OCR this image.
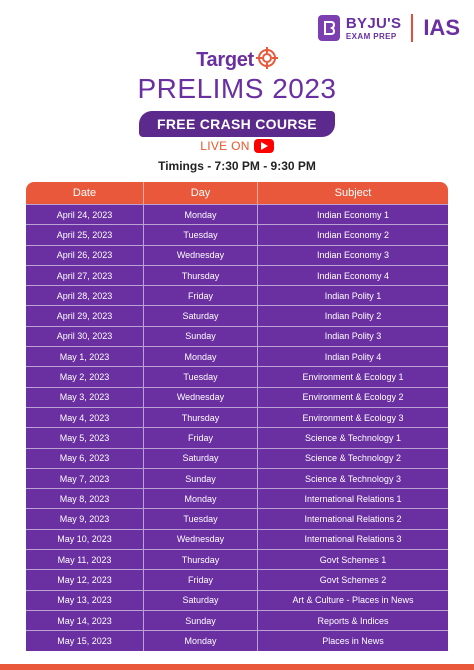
BYJU'S
EXAM PREP IAS
Target
PRELIMS 2023
FREE CRASH COURSE
LIVE ON
Timings - 7:30 PM - 9:30 PM
Date	Day	Subject
April 24, 2023	Monday	Indian Economy 1
April 25, 2023	Tuesday	Indian Economy 2
April 26, 2023	Wednesday	Indian Economy 3
April 27, 2023	Thursday	Indian Economy 4
April 28, 2023	Friday	Indian Polity 1
April 29, 2023	Saturday	Indian Polity 2
April 30, 2023	Sunday	Indian Polity 3
May 1, 2023	Monday	Indian Polity 4
May 2, 2023	Tuesday	Environment & Ecology 1
May 3, 2023	Wednesday	Environment & Ecology 2
May 4, 2023	Thursday	Environment & Ecology 3
May 5, 2023	Friday	Science & Technology 1
May 6, 2023	Saturday	Science & Technology 2
May 7, 2023	Sunday	Science & Technology 3
May 8, 2023	Monday	International Relations 1
May 9, 2023	Tuesday	International Relations 2
May 10, 2023	Wednesday	International Relations 3
May 11, 2023	Thursday	Govt Schemes 1
May 12, 2023	Friday	Govt Schemes 2
May 13, 2023	Saturday	Art & Culture - Places in News
May 14, 2023	Sunday	Reports & Indices
May 15, 2023	Monday	Places in News
